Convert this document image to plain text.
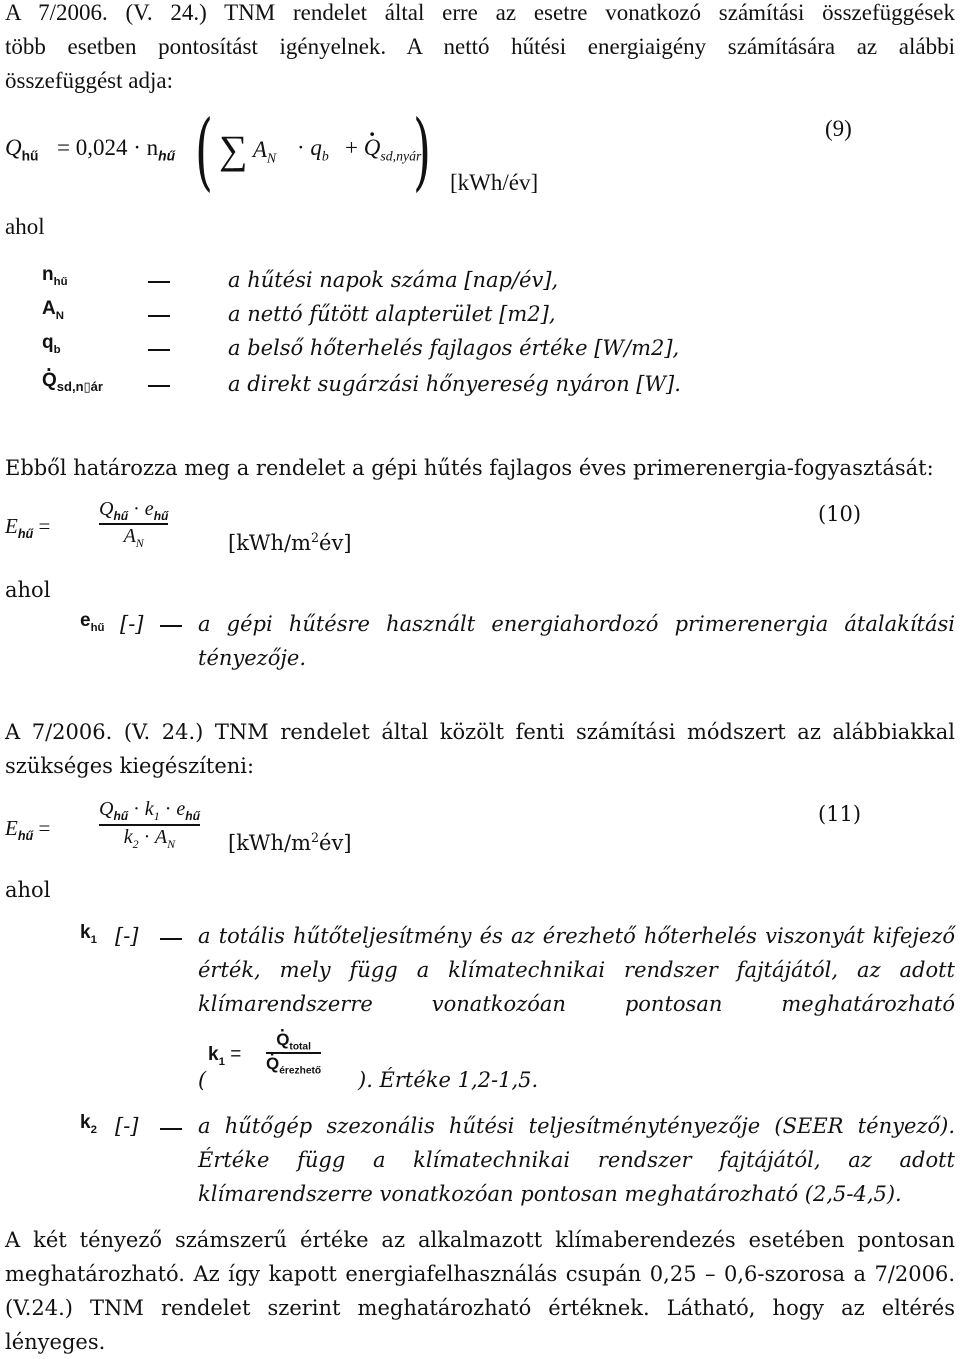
A 7/2006. (V. 24.) TNM rendelet által erre az esetre vonatkozó számítási összefüggések
több esetben pontosítást igényelnek. A nettó hűtési energiaigény számítására az alábbi
összefüggést adja:
$Q_{hű} = 0,024 \cdot n_{hű}$ ( ∑ $A_N \cdot q_b$ + · $Q_{sd,nyár}$
)	(9)
[kWh/év]
ahol
$n_{hű}$	a hűtési napok száma [nap/év],
$A_N$	a nettó fűtött alapterület [m2],
$q_b$	a belső hőterhelés fajlagos értéke [W/m2],
· $Q_{sd,n▯ár}$	a direkt sugárzási hőnyereség nyáron [W].
Ebből határozza meg a rendelet a gépi hűtés fajlagos éves primerenergia-fogyasztását:
$E_{hű}$ =
$Q_{hű} \cdot e_{hű}$
$A_N$	$[kWh/m^2év]$
(10)
ahol
$e_{hű}$ [-]	a gépi hűtésre használt energiahordozó primerenergia átalakítási
tényezője.
A 7/2006. (V. 24.) TNM rendelet által közölt fenti számítási módszert az alábbiakkal
szükséges kiegészíteni:
$E_{hű}$ =
$Q_{hű} \cdot k_1 \cdot e_{hű}$
$k_2 \cdot A_N$	$[kWh/m^2év]$
(11)
ahol
$k_1$ [-]	a totális hűtőteljesítmény és az érezhető hőterhelés viszonyát kifejező
érték, mely függ a klímatechnikai rendszer fajtájától, az adott
klímarendszerre vonatkozóan pontosan meghatározható
(
$k_1$ =
· $Q_{total}$
· $Q_{érezhető}$ ). Értéke 1,2-1,5.
$k_2$ [-]	a hűtőgép szezonális hűtési teljesítménytényezője (SEER tényező).
Értéke függ a klímatechnikai rendszer fajtájától, az adott
klímarendszerre vonatkozóan pontosan meghatározható (2,5-4,5).
A két tényező számszerű értéke az alkalmazott klímaberendezés esetében pontosan
meghatározható. Az így kapott energiafelhasználás csupán 0,25 – 0,6-szorosa a 7/2006.
(V.24.) TNM rendelet szerint meghatározható értéknek. Látható, hogy az eltérés
lényeges.
